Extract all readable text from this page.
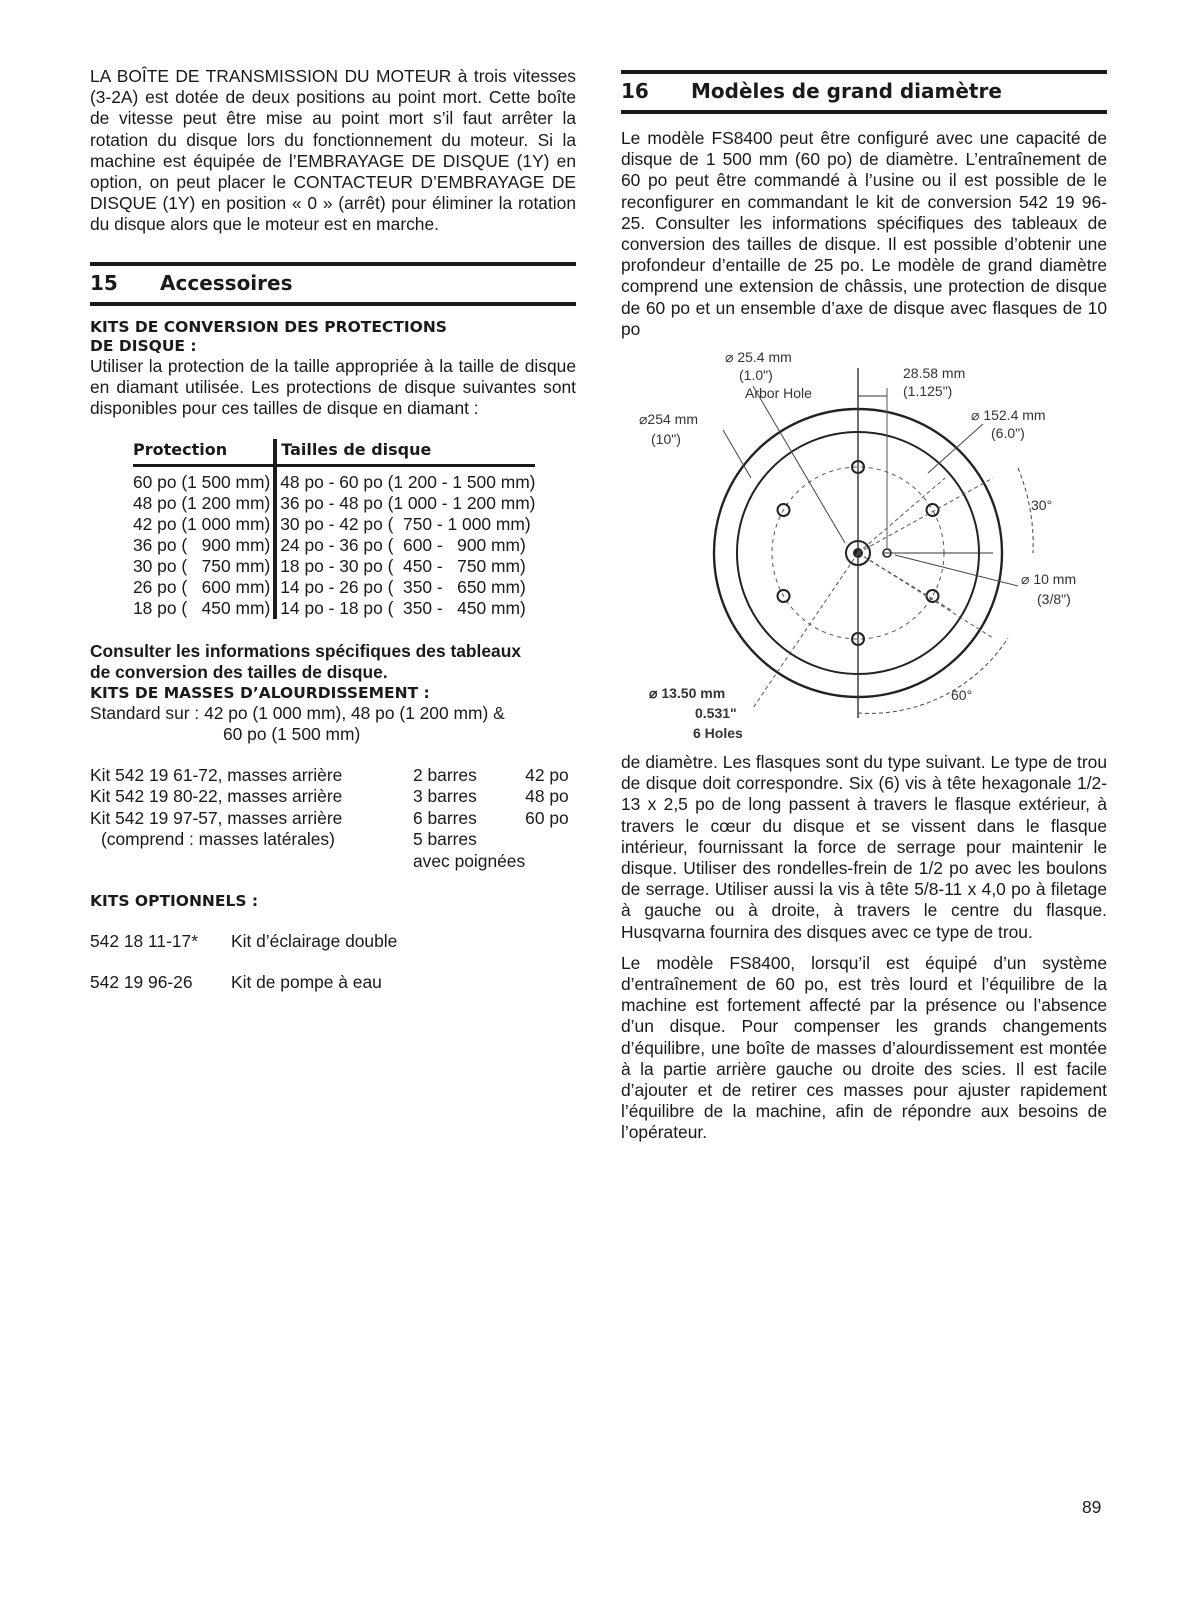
LA BOÎTE DE TRANSMISSION DU MOTEUR à trois vitesses (3-2A) est dotée de deux positions au point mort. Cette boîte de vitesse peut être mise au point mort s’il faut arrêter la rotation du disque lors du fonctionnement du moteur. Si la machine est équipée de l’EMBRAYAGE DE DISQUE (1Y) en option, on peut placer le CONTACTEUR D’EMBRAYAGE DE DISQUE (1Y) en position « 0 » (arrêt) pour éliminer la rotation du disque alors que le moteur est en marche.

15	Accessoires
KITS DE CONVERSION DES PROTECTIONS
DE DISQUE :

Utiliser la protection de la taille appropriée à la taille de disque en diamant utilisée. Les protections de disque suivantes sont disponibles pour ces tailles de disque en diamant :

Protection	Tailles de disque
60 po (1 500 mm)	48 po - 60 po (1 200 - 1 500 mm)
48 po (1 200 mm)	36 po - 48 po (1 000 - 1 200 mm)
42 po (1 000 mm)	30 po - 42 po (  750 - 1 000 mm)
36 po (   900 mm)	24 po - 36 po (  600 -   900 mm)
30 po (   750 mm)	18 po - 30 po (  450 -   750 mm)
26 po (   600 mm)	14 po - 26 po (  350 -   650 mm)
18 po (   450 mm)	14 po - 18 po (  350 -   450 mm)
Consulter les informations spécifiques des tableaux
de conversion des tailles de disque.
KITS DE MASSES D’ALOURDISSEMENT :
Standard sur : 42 po (1 000 mm), 48 po (1 200 mm) &
60 po (1 500 mm)
Kit 542 19 61-72, masses arrière	2 barres	42 po
Kit 542 19 80-22, masses arrière	3 barres	48 po
Kit 542 19 97-57, masses arrière	6 barres	60 po
(comprend : masses latérales)	5 barres	
	avec poignées	
KITS OPTIONNELS :
542 18 11-17*	Kit d’éclairage double
542 19 96-26	Kit de pompe à eau
16	Modèles de grand diamètre

Le modèle FS8400 peut être configuré avec une capacité de disque de 1 500 mm (60 po) de diamètre. L’entraînement de 60 po peut être commandé à l’usine ou il est possible de le reconfigurer en commandant le kit de conversion 542 19 96-25. Consulter les informations spécifiques des tableaux de conversion des tailles de disque. Il est possible d’obtenir une profondeur d’entaille de 25 po. Le modèle de grand diamètre comprend une extension de châssis, une protection de disque de 60 po et un ensemble d’axe de disque avec flasques de 10 po

⌀ 25.4 mm
(1.0")
Arbor Hole
28.58 mm
(1.125")
⌀254 mm
(10")
⌀ 152.4 mm
(6.0")
30°
⌀ 10 mm
(3/8")
⌀ 13.50 mm
0.531"
6 Holes
60°

de diamètre. Les flasques sont du type suivant. Le type de trou de disque doit correspondre. Six (6) vis à tête hexagonale 1/2-13 x 2,5 po de long passent à travers le flasque extérieur, à travers le cœur du disque et se vissent dans le flasque intérieur, fournissant la force de serrage pour maintenir le disque. Utiliser des rondelles-frein de 1/2 po avec les boulons de serrage. Utiliser aussi la vis à tête 5/8-11 x 4,0 po à filetage à gauche ou à droite, à travers le centre du flasque. Husqvarna fournira des disques avec ce type de trou.

Le modèle FS8400, lorsqu’il est équipé d’un système d’entraînement de 60 po, est très lourd et l’équilibre de la machine est fortement affecté par la présence ou l’absence d’un disque. Pour compenser les grands changements d’équilibre, une boîte de masses d’alourdissement est montée à la partie arrière gauche ou droite des scies. Il est facile d’ajouter et de retirer ces masses pour ajuster rapidement l’équilibre de la machine, afin de répondre aux besoins de l’opérateur.

89
